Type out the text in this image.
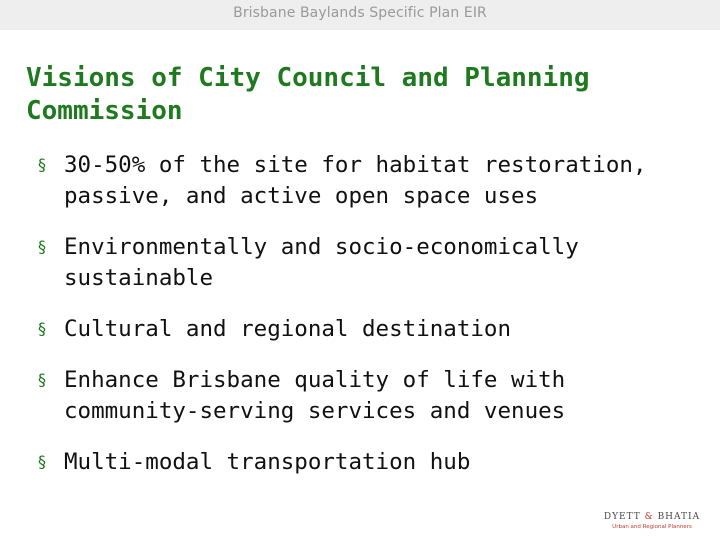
Brisbane Baylands Specific Plan EIR
Visions of City Council and Planning Commission
§ 30-50% of the site for habitat restoration, passive, and active open space uses
§ Environmentally and socio-economically sustainable
§ Cultural and regional destination
§ Enhance Brisbane quality of life with community-serving services and venues
§ Multi-modal transportation hub
DYETT & BHATIA
Urban and Regional Planners
